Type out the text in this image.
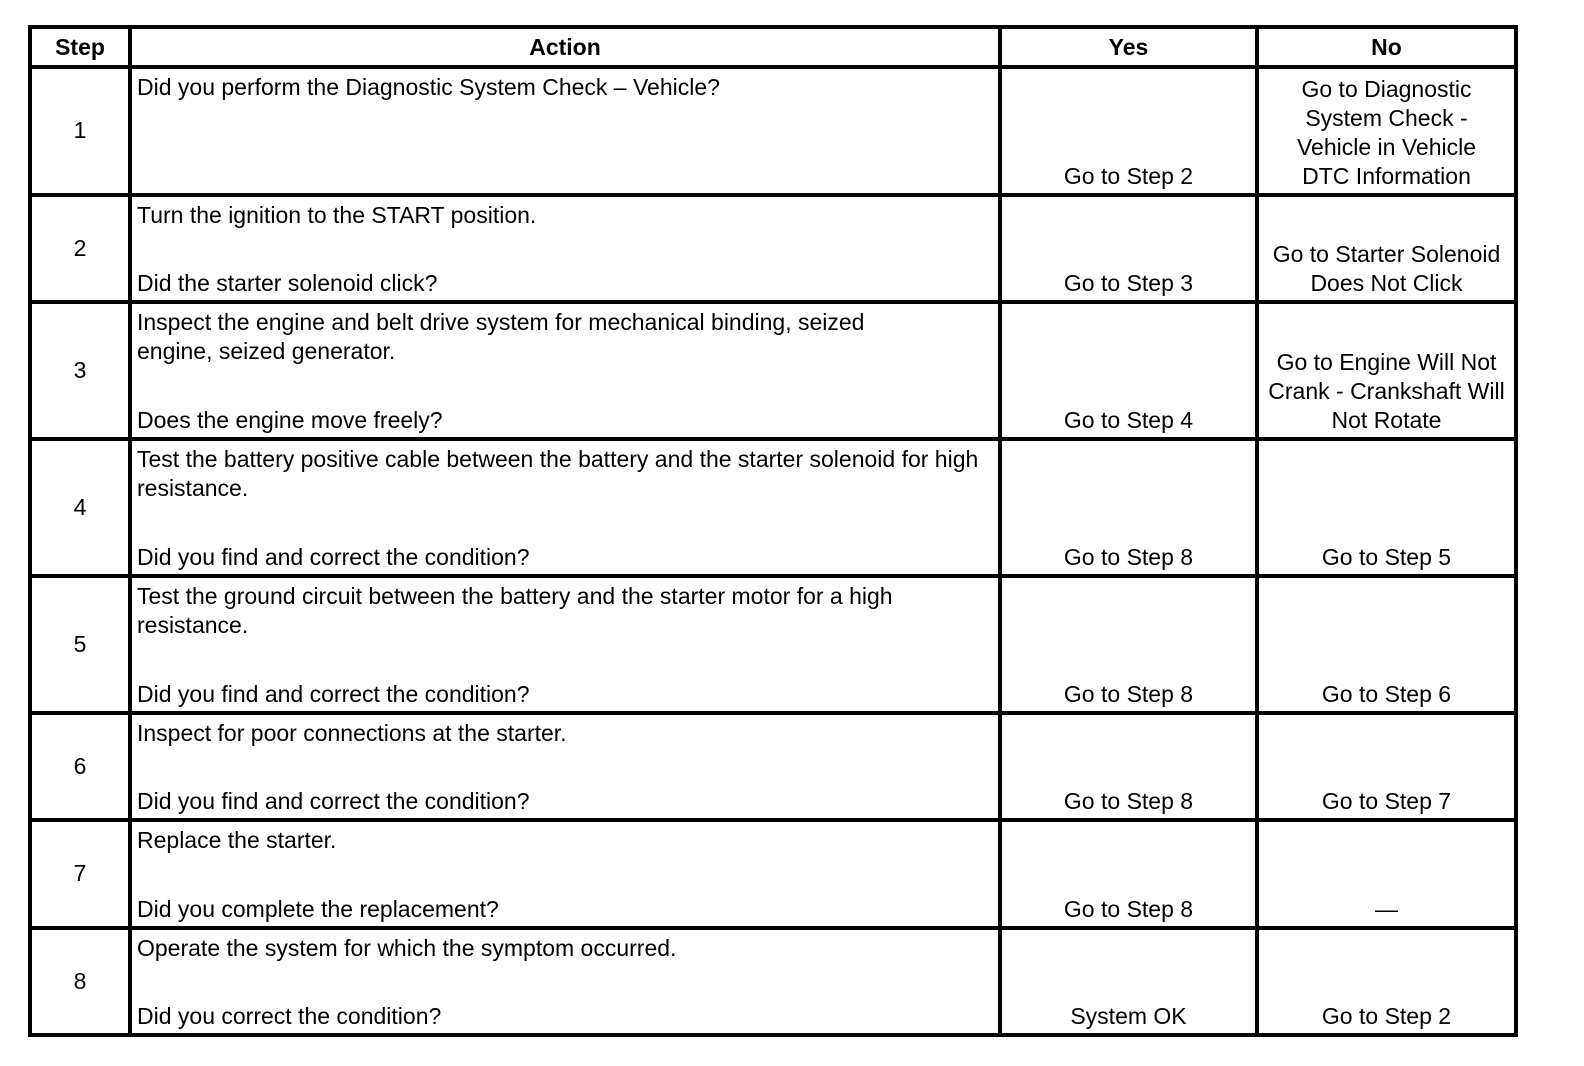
Step	Action	Yes	No
1	Did you perform the Diagnostic System Check – Vehicle?	Go to Step 2	Go to Diagnostic System Check - Vehicle in Vehicle DTC Information

2	Turn the ignition to the START position.
Did the starter solenoid click?	Go to Step 3	Go to Starter Solenoid Does Not Click

3	Inspect the engine and belt drive system for mechanical binding, seized engine, seized generator.
Does the engine move freely?	Go to Step 4	Go to Engine Will Not Crank - Crankshaft Will Not Rotate

4	Test the battery positive cable between the battery and the starter solenoid for high resistance.
Did you find and correct the condition?	Go to Step 8	Go to Step 5

5	Test the ground circuit between the battery and the starter motor for a high resistance.
Did you find and correct the condition?	Go to Step 8	Go to Step 6

6	Inspect for poor connections at the starter.
Did you find and correct the condition?	Go to Step 8	Go to Step 7

7	Replace the starter.
Did you complete the replacement?	Go to Step 8	—

8	Operate the system for which the symptom occurred.
Did you correct the condition?	System OK	Go to Step 2
